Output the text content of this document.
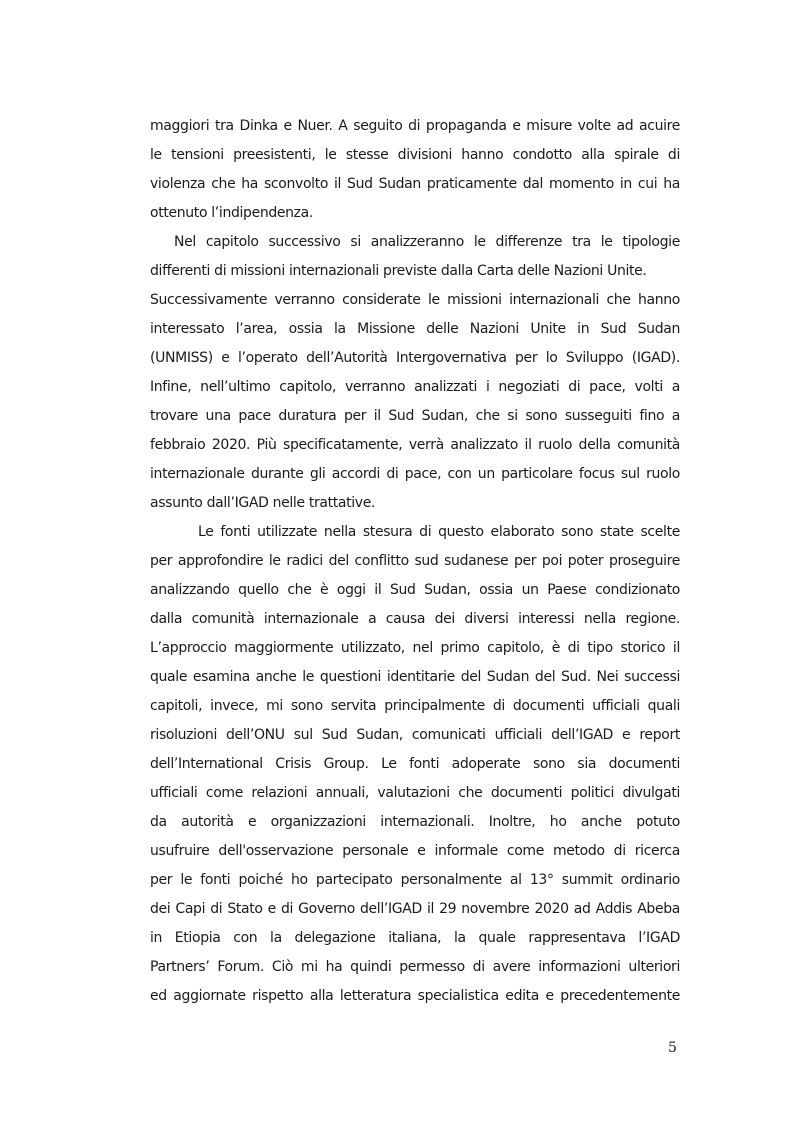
maggiori tra Dinka e Nuer. A seguito di propaganda e misure volte ad acuire
le tensioni preesistenti, le stesse divisioni hanno condotto alla spirale di
violenza che ha sconvolto il Sud Sudan praticamente dal momento in cui ha
ottenuto l’indipendenza.
Nel capitolo successivo si analizzeranno le differenze tra le tipologie
differenti di missioni internazionali previste dalla Carta delle Nazioni Unite.
Successivamente verranno considerate le missioni internazionali che hanno
interessato l’area, ossia la Missione delle Nazioni Unite in Sud Sudan
(UNMISS) e l’operato dell’Autorità Intergovernativa per lo Sviluppo (IGAD).
Infine, nell’ultimo capitolo, verranno analizzati i negoziati di pace, volti a
trovare una pace duratura per il Sud Sudan, che si sono susseguiti fino a
febbraio 2020. Più specificatamente, verrà analizzato il ruolo della comunità
internazionale durante gli accordi di pace, con un particolare focus sul ruolo
assunto dall’IGAD nelle trattative.
Le fonti utilizzate nella stesura di questo elaborato sono state scelte
per approfondire le radici del conflitto sud sudanese per poi poter proseguire
analizzando quello che è oggi il Sud Sudan, ossia un Paese condizionato
dalla comunità internazionale a causa dei diversi interessi nella regione.
L’approccio maggiormente utilizzato, nel primo capitolo, è di tipo storico il
quale esamina anche le questioni identitarie del Sudan del Sud. Nei successi
capitoli, invece, mi sono servita principalmente di documenti ufficiali quali
risoluzioni dell’ONU sul Sud Sudan, comunicati ufficiali dell’IGAD e report
dell’International Crisis Group. Le fonti adoperate sono sia documenti
ufficiali come relazioni annuali, valutazioni che documenti politici divulgati
da autorità e organizzazioni internazionali. Inoltre, ho anche potuto
usufruire dell'osservazione personale e informale come metodo di ricerca
per le fonti poiché ho partecipato personalmente al 13° summit ordinario
dei Capi di Stato e di Governo dell’IGAD il 29 novembre 2020 ad Addis Abeba
in Etiopia con la delegazione italiana, la quale rappresentava l’IGAD
Partners’ Forum. Ciò mi ha quindi permesso di avere informazioni ulteriori
ed aggiornate rispetto alla letteratura specialistica edita e precedentemente
5
